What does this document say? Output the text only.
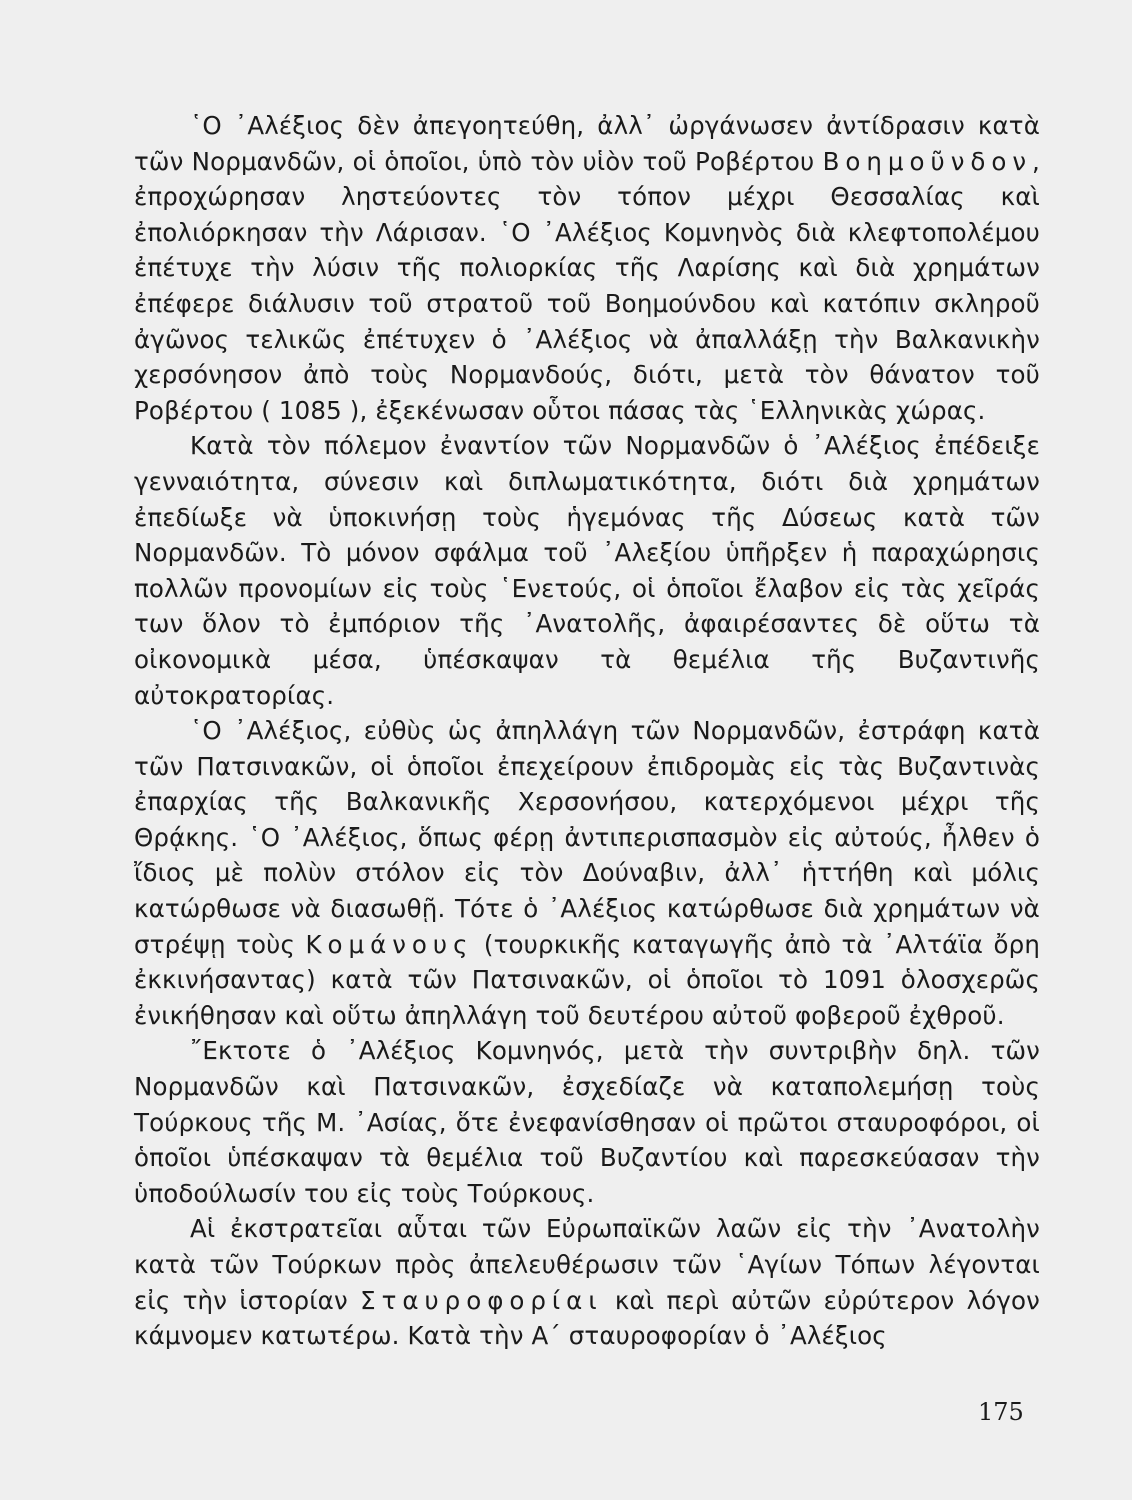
῾Ο ᾿Αλέξιος δὲν ἀπεγοητεύθη, ἀλλ᾿ ὠργάνωσεν ἀντίδρασιν κατὰ τῶν Νορμανδῶν, οἱ ὁποῖοι, ὑπὸ τὸν υἱὸν τοῦ Ροβέρτου Βοημοῦνδον, ἐπροχώρησαν ληστεύοντες τὸν τόπον μέχρι Θεσσαλίας καὶ ἐπολιόρκησαν τὴν Λάρισαν. ῾Ο ᾿Αλέξιος Κομνηνὸς διὰ κλεφτοπολέμου ἐπέτυχε τὴν λύσιν τῆς πολιορκίας τῆς Λαρίσης καὶ διὰ χρημάτων ἐπέφερε διάλυσιν τοῦ στρατοῦ τοῦ Βοημούνδου καὶ κατόπιν σκληροῦ ἀγῶνος τελικῶς ἐπέτυχεν ὁ ᾿Αλέξιος νὰ ἀπαλλάξῃ τὴν Βαλκανικὴν χερσόνησον ἀπὸ τοὺς Νορμανδούς, διότι, μετὰ τὸν θάνατον τοῦ Ροβέρτου ( 1085 ), ἐξεκένωσαν οὗτοι πάσας τὰς ῾Ελληνικὰς χώρας.

Κατὰ τὸν πόλεμον ἐναντίον τῶν Νορμανδῶν ὁ ᾿Αλέξιος ἐπέδειξε γενναιότητα, σύνεσιν καὶ διπλωματικότητα, διότι διὰ χρημάτων ἐπεδίωξε νὰ ὑποκινήσῃ τοὺς ἡγεμόνας τῆς Δύσεως κατὰ τῶν Νορμανδῶν. Τὸ μόνον σφάλμα τοῦ ᾿Αλεξίου ὑπῆρξεν ἡ παραχώρησις πολλῶν προνομίων εἰς τοὺς ῾Ενετούς, οἱ ὁποῖοι ἔλαβον εἰς τὰς χεῖράς των ὅλον τὸ ἐμπόριον τῆς ᾿Ανατολῆς, ἀφαιρέσαντες δὲ οὕτω τὰ οἰκονομικὰ μέσα, ὑπέσκαψαν τὰ θεμέλια τῆς Βυζαντινῆς αὐτοκρατορίας.

῾Ο ᾿Αλέξιος, εὐθὺς ὡς ἀπηλλάγη τῶν Νορμανδῶν, ἐστράφη κατὰ τῶν Πατσινακῶν, οἱ ὁποῖοι ἐπεχείρουν ἐπιδρομὰς εἰς τὰς Βυζαντινὰς ἐπαρχίας τῆς Βαλκανικῆς Χερσονήσου, κατερχόμενοι μέχρι τῆς Θρᾴκης. ῾Ο ᾿Αλέξιος, ὅπως φέρῃ ἀντιπερισπασμὸν εἰς αὐτούς, ἦλθεν ὁ ἴδιος μὲ πολὺν στόλον εἰς τὸν Δούναβιν, ἀλλ᾿ ἡττήθη καὶ μόλις κατώρθωσε νὰ διασωθῇ. Τότε ὁ ᾿Αλέξιος κατώρθωσε διὰ χρημάτων νὰ στρέψῃ τοὺς Κομάνους (τουρκικῆς καταγωγῆς ἀπὸ τὰ ᾿Αλτάϊα ὄρη ἐκκινήσαντας) κατὰ τῶν Πατσινακῶν, οἱ ὁποῖοι τὸ 1091 ὁλοσχερῶς ἐνικήθησαν καὶ οὕτω ἀπηλλάγη τοῦ δευτέρου αὐτοῦ φοβεροῦ ἐχθροῦ.

῎Εκτοτε ὁ ᾿Αλέξιος Κομνηνός, μετὰ τὴν συντριβὴν δηλ. τῶν Νορμανδῶν καὶ Πατσινακῶν, ἐσχεδίαζε νὰ καταπολεμήσῃ τοὺς Τούρκους τῆς Μ. ᾿Ασίας, ὅτε ἐνεφανίσθησαν οἱ πρῶτοι σταυροφόροι, οἱ ὁποῖοι ὑπέσκαψαν τὰ θεμέλια τοῦ Βυζαντίου καὶ παρεσκεύασαν τὴν ὑποδούλωσίν του εἰς τοὺς Τούρκους.

Αἱ ἐκστρατεῖαι αὗται τῶν Εὐρωπαϊκῶν λαῶν εἰς τὴν ᾿Ανατολὴν κατὰ τῶν Τούρκων πρὸς ἀπελευθέρωσιν τῶν ῾Αγίων Τόπων λέγονται εἰς τὴν ἱστορίαν Σταυροφορίαι καὶ περὶ αὐτῶν εὐρύτερον λόγον κάμνομεν κατωτέρω. Κατὰ τὴν Α΄ σταυροφορίαν ὁ ᾿Αλέξιος

175
